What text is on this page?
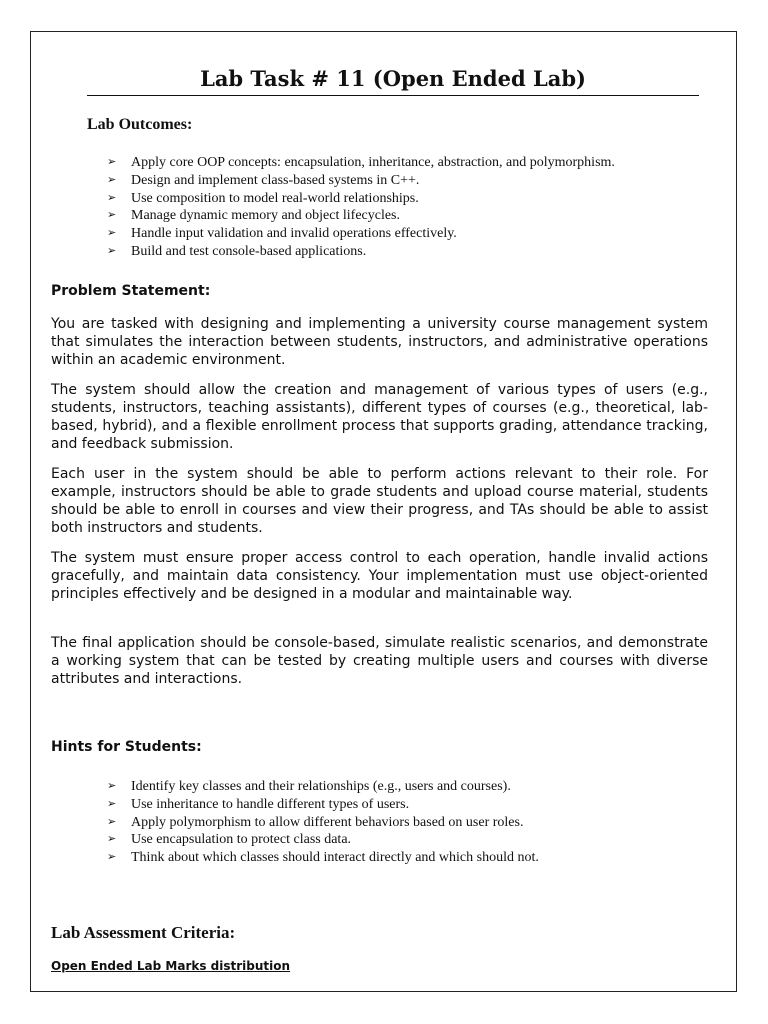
Lab Task # 11 (Open Ended Lab)
Lab Outcomes:
➢ Apply core OOP concepts: encapsulation, inheritance, abstraction, and polymorphism.
➢ Design and implement class-based systems in C++.
➢ Use composition to model real-world relationships.
➢ Manage dynamic memory and object lifecycles.
➢ Handle input validation and invalid operations effectively.
➢ Build and test console-based applications.
Problem Statement:

You are tasked with designing and implementing a university course management system that simulates the interaction between students, instructors, and administrative operations within an academic environment.

The system should allow the creation and management of various types of users (e.g., students, instructors, teaching assistants), different types of courses (e.g., theoretical, lab-based, hybrid), and a flexible enrollment process that supports grading, attendance tracking, and feedback submission.

Each user in the system should be able to perform actions relevant to their role. For example, instructors should be able to grade students and upload course material, students should be able to enroll in courses and view their progress, and TAs should be able to assist both instructors and students.

The system must ensure proper access control to each operation, handle invalid actions gracefully, and maintain data consistency. Your implementation must use object-oriented principles effectively and be designed in a modular and maintainable way.

The final application should be console-based, simulate realistic scenarios, and demonstrate a working system that can be tested by creating multiple users and courses with diverse attributes and interactions.

Hints for Students:
➢ Identify key classes and their relationships (e.g., users and courses).
➢ Use inheritance to handle different types of users.
➢ Apply polymorphism to allow different behaviors based on user roles.
➢ Use encapsulation to protect class data.
➢ Think about which classes should interact directly and which should not.
Lab Assessment Criteria:

Open Ended Lab Marks distribution
